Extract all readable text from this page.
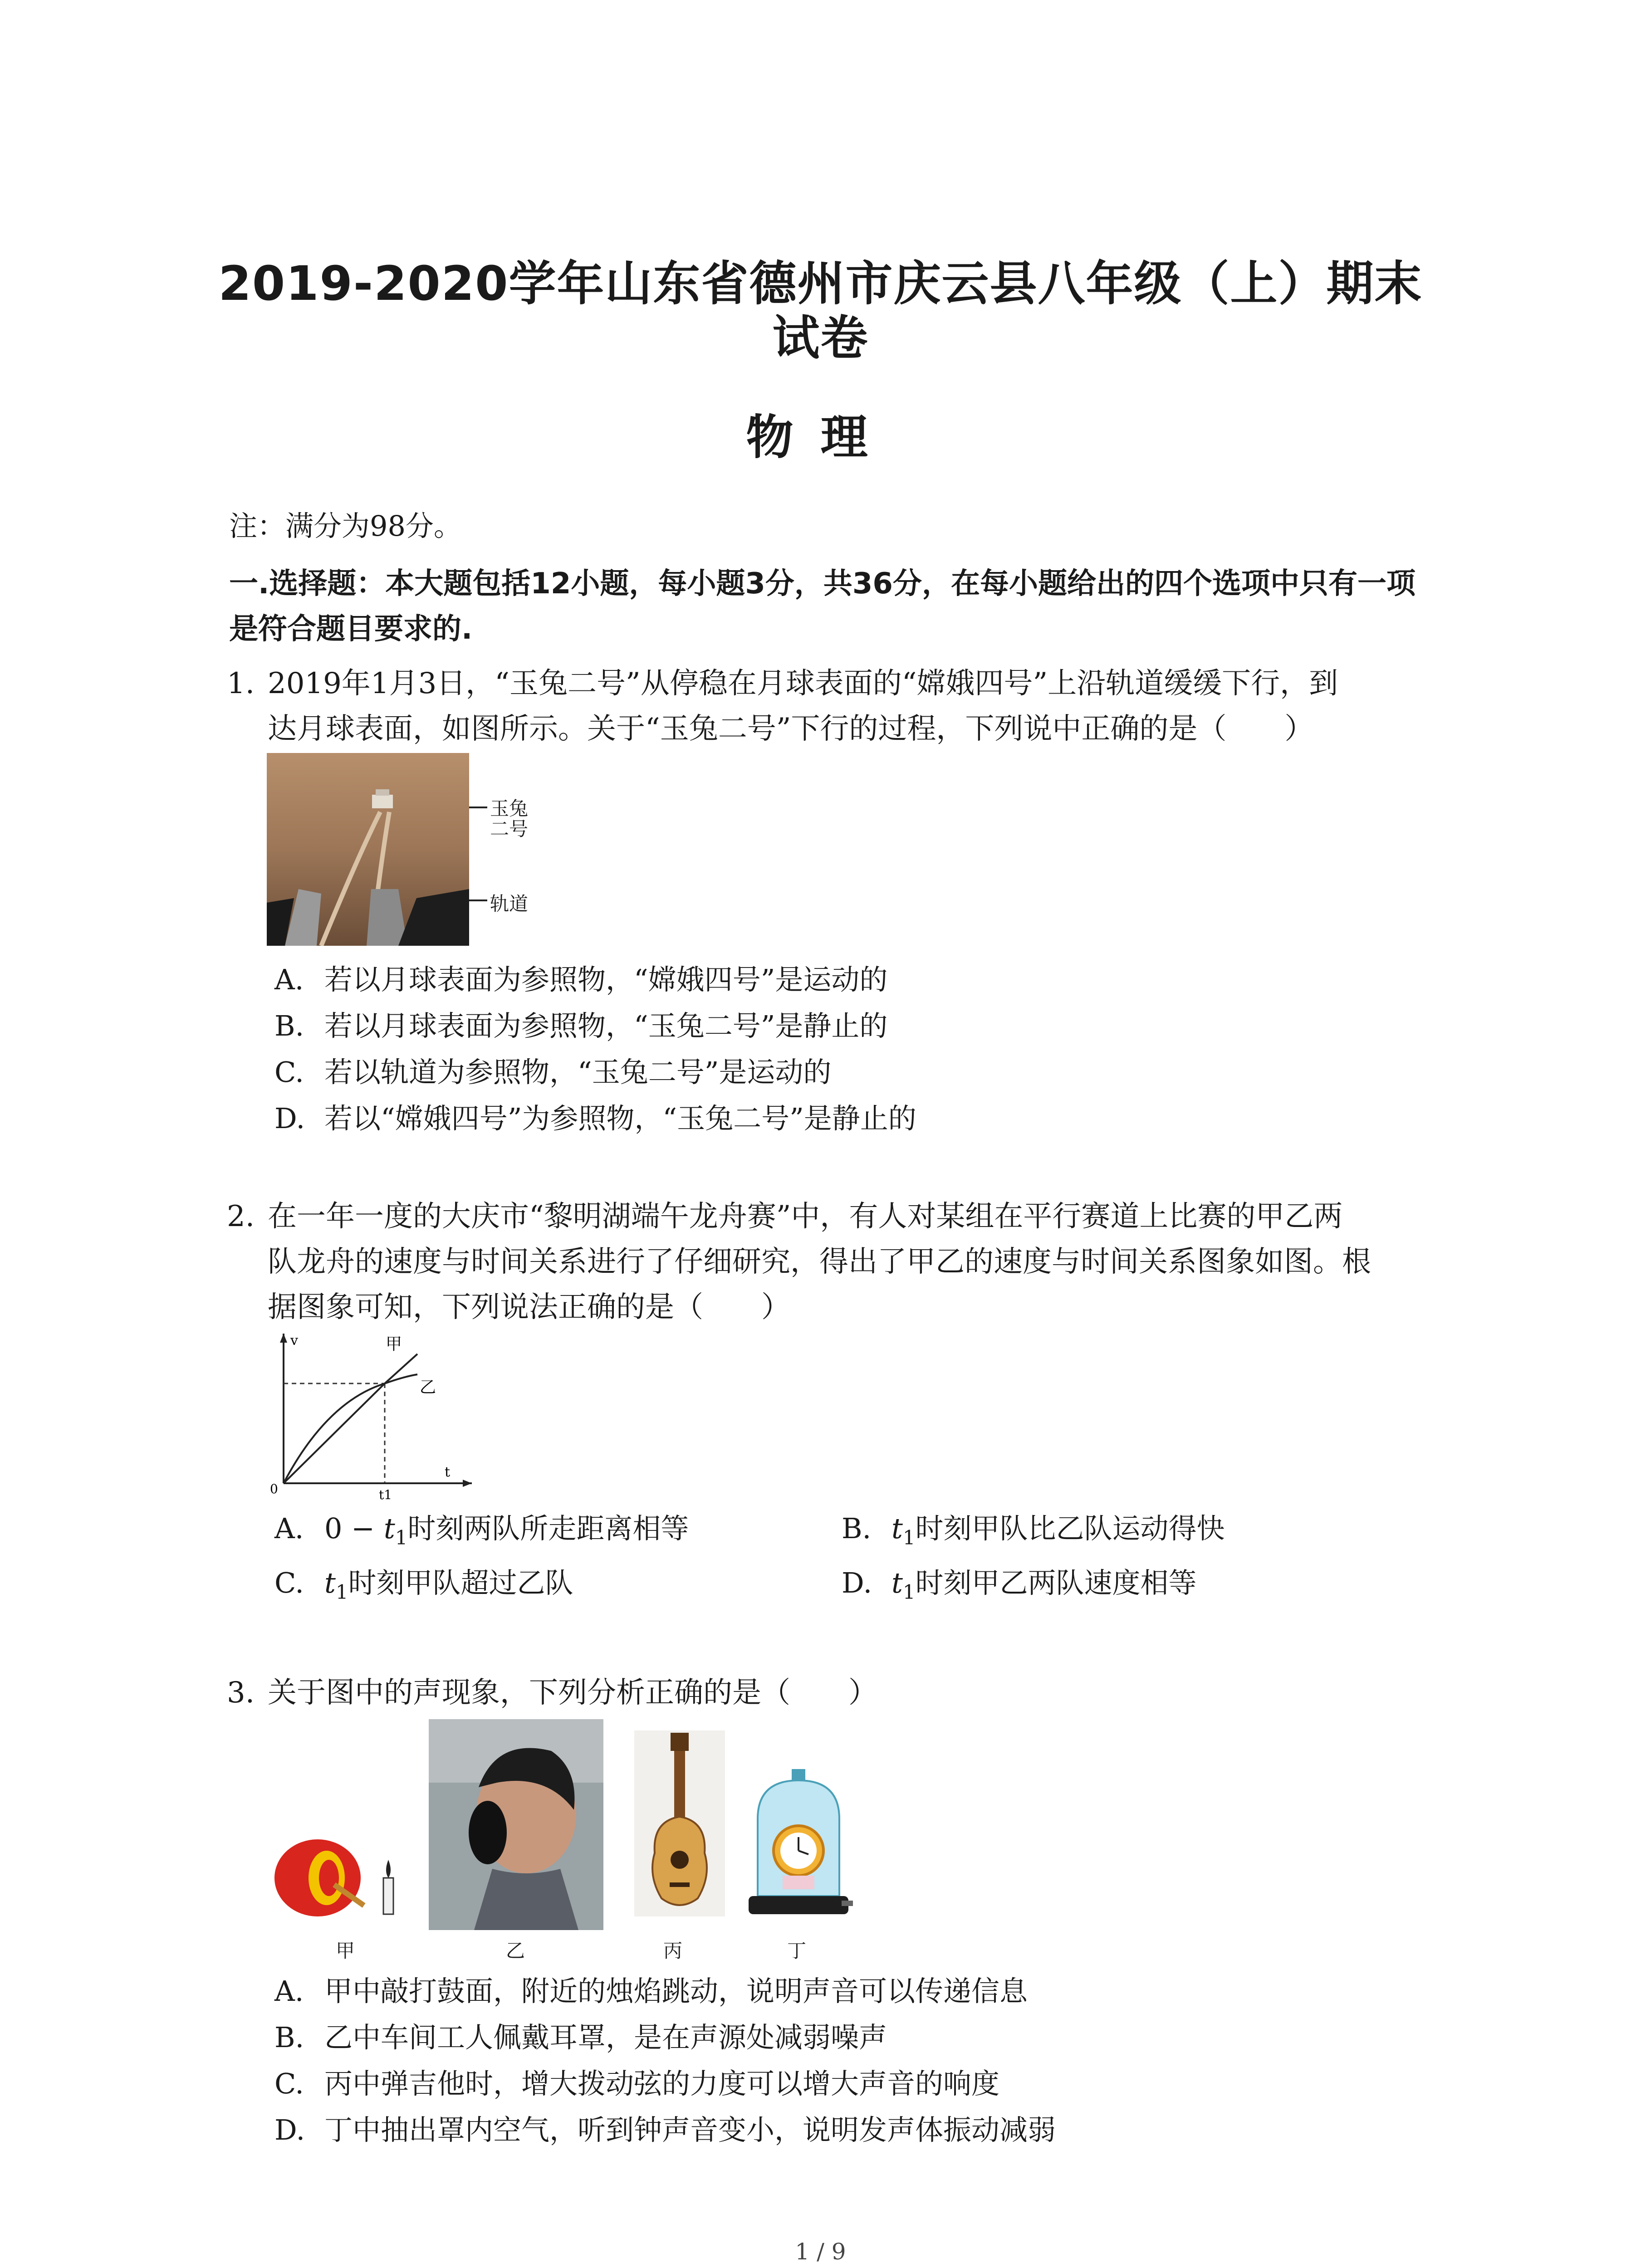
2019-2020学年山东省德州市庆云县八年级（上）期末
试卷
物理
注：满分为98分。
一.选择题：本大题包括12小题，每小题3分，共36分，在每小题给出的四个选项中只有一项
是符合题目要求的.
1. 2019年1月3日，“玉兔二号”从停稳在月球表面的“嫦娥四号”上沿轨道缓缓下行，到
达月球表面，如图所示。关于“玉兔二号”下行的过程，下列说中正确的是（　　）
玉兔
二号
轨道
A. 若以月球表面为参照物，“嫦娥四号”是运动的
B. 若以月球表面为参照物，“玉兔二号”是静止的
C. 若以轨道为参照物，“玉兔二号”是运动的
D. 若以“嫦娥四号”为参照物，“玉兔二号”是静止的
2. 在一年一度的大庆市“黎明湖端午龙舟赛”中，有人对某组在平行赛道上比赛的甲乙两
队龙舟的速度与时间关系进行了仔细研究，得出了甲乙的速度与时间关系图象如图。根
据图象可知，下列说法正确的是（　　）
v
t
0	t1
甲
乙
A. $0 - t_1$时刻两队所走距离相等	B. $t_1$时刻甲队比乙队运动得快
C. $t_1$时刻甲队超过乙队	D. $t_1$时刻甲乙两队速度相等
3. 关于图中的声现象，下列分析正确的是（　　）
甲	乙	丙	丁
A. 甲中敲打鼓面，附近的烛焰跳动，说明声音可以传递信息
B. 乙中车间工人佩戴耳罩，是在声源处减弱噪声
C. 丙中弹吉他时，增大拨动弦的力度可以增大声音的响度
D. 丁中抽出罩内空气，听到钟声音变小，说明发声体振动减弱
1 / 9
